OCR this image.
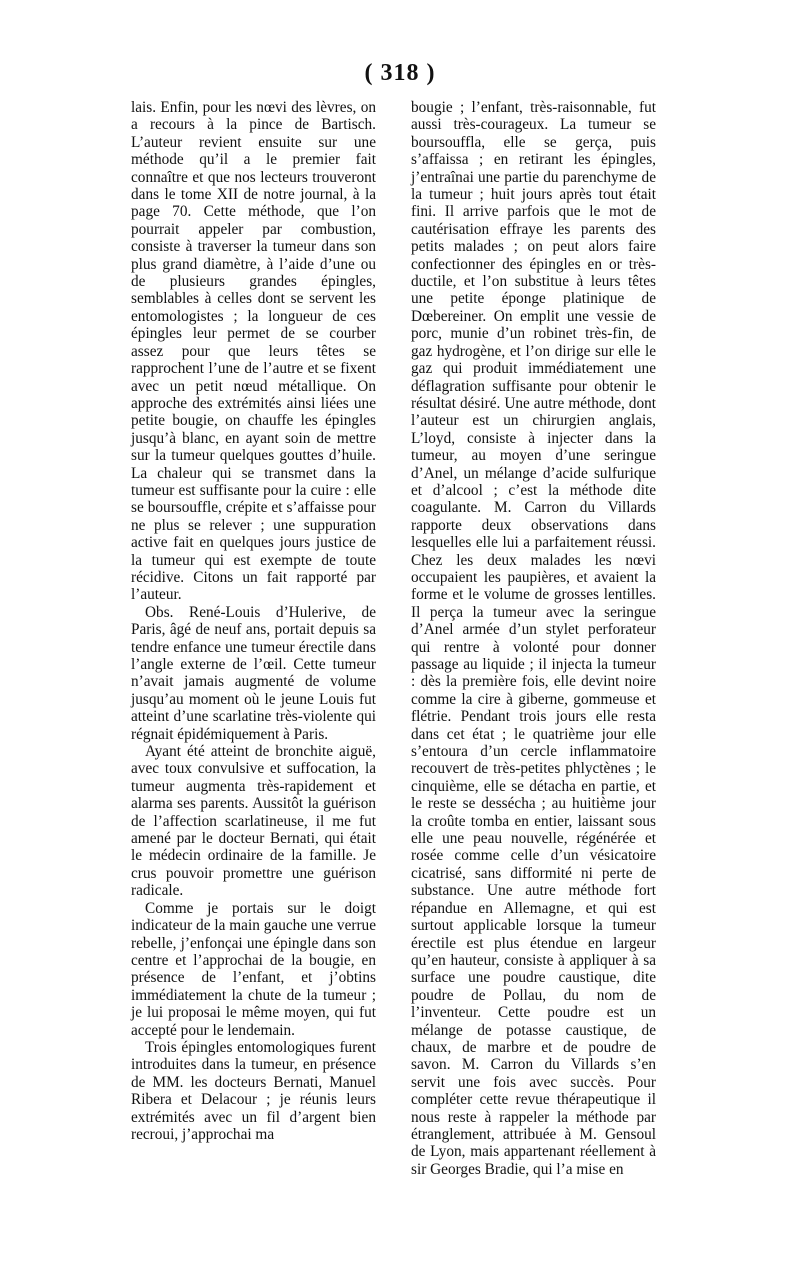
( 318 )

lais. Enfin, pour les nœvi des lèvres, on a recours à la pince de Bartisch. L’auteur revient ensuite sur une méthode qu’il a le premier fait connaître et que nos lecteurs trouveront dans le tome XII de notre journal, à la page 70. Cette méthode, que l’on pourrait appeler par combustion, consiste à traverser la tumeur dans son plus grand diamètre, à l’aide d’une ou de plusieurs grandes épingles, semblables à celles dont se servent les entomologistes ; la longueur de ces épingles leur permet de se courber assez pour que leurs têtes se rapprochent l’une de l’autre et se fixent avec un petit nœud métallique. On approche des extrémités ainsi liées une petite bougie, on chauffe les épingles jusqu’à blanc, en ayant soin de mettre sur la tumeur quelques gouttes d’huile. La chaleur qui se transmet dans la tumeur est suffisante pour la cuire : elle se boursouffle, crépite et s’affaisse pour ne plus se relever ; une suppuration active fait en quelques jours justice de la tumeur qui est exempte de toute récidive. Citons un fait rapporté par l’auteur.

Obs. René-Louis d’Hulerive, de Paris, âgé de neuf ans, portait depuis sa tendre enfance une tumeur érectile dans l’angle externe de l’œil. Cette tumeur n’avait jamais augmenté de volume jusqu’au moment où le jeune Louis fut atteint d’une scarlatine très-violente qui régnait épidémiquement à Paris.

Ayant été atteint de bronchite aiguë, avec toux convulsive et suffocation, la tumeur augmenta très-rapidement et alarma ses parents. Aussitôt la guérison de l’affection scarlatineuse, il me fut amené par le docteur Bernati, qui était le médecin ordinaire de la famille. Je crus pouvoir promettre une guérison radicale.

Comme je portais sur le doigt indicateur de la main gauche une verrue rebelle, j’enfonçai une épingle dans son centre et l’approchai de la bougie, en présence de l’enfant, et j’obtins immédiatement la chute de la tumeur ; je lui proposai le même moyen, qui fut accepté pour le lendemain.

Trois épingles entomologiques furent introduites dans la tumeur, en présence de MM. les docteurs Bernati, Manuel Ribera et Delacour ; je réunis leurs extrémités avec un fil d’argent bien recroui, j’approchai ma

bougie ; l’enfant, très-raisonnable, fut aussi très-courageux. La tumeur se boursouffla, elle se gerça, puis s’affaissa ; en retirant les épingles, j’entraînai une partie du parenchyme de la tumeur ; huit jours après tout était fini. Il arrive parfois que le mot de cautérisation effraye les parents des petits malades ; on peut alors faire confectionner des épingles en or très-ductile, et l’on substitue à leurs têtes une petite éponge platinique de Dœbereiner. On emplit une vessie de porc, munie d’un robinet très-fin, de gaz hydrogène, et l’on dirige sur elle le gaz qui produit immédiatement une déflagration suffisante pour obtenir le résultat désiré. Une autre méthode, dont l’auteur est un chirurgien anglais, L’loyd, consiste à injecter dans la tumeur, au moyen d’une seringue d’Anel, un mélange d’acide sulfurique et d’alcool ; c’est la méthode dite coagulante. M. Carron du Villards rapporte deux observations dans lesquelles elle lui a parfaitement réussi. Chez les deux malades les nœvi occupaient les paupières, et avaient la forme et le volume de grosses lentilles. Il perça la tumeur avec la seringue d’Anel armée d’un stylet perforateur qui rentre à volonté pour donner passage au liquide ; il injecta la tumeur : dès la première fois, elle devint noire comme la cire à giberne, gommeuse et flétrie. Pendant trois jours elle resta dans cet état ; le quatrième jour elle s’entoura d’un cercle inflammatoire recouvert de très-petites phlyctènes ; le cinquième, elle se détacha en partie, et le reste se dessécha ; au huitième jour la croûte tomba en entier, laissant sous elle une peau nouvelle, régénérée et rosée comme celle d’un vésicatoire cicatrisé, sans difformité ni perte de substance. Une autre méthode fort répandue en Allemagne, et qui est surtout applicable lorsque la tumeur érectile est plus étendue en largeur qu’en hauteur, consiste à appliquer à sa surface une poudre caustique, dite poudre de Pollau, du nom de l’inventeur. Cette poudre est un mélange de potasse caustique, de chaux, de marbre et de poudre de savon. M. Carron du Villards s’en servit une fois avec succès. Pour compléter cette revue thérapeutique il nous reste à rappeler la méthode par étranglement, attribuée à M. Gensoul de Lyon, mais appartenant réellement à sir Georges Bradie, qui l’a mise en
